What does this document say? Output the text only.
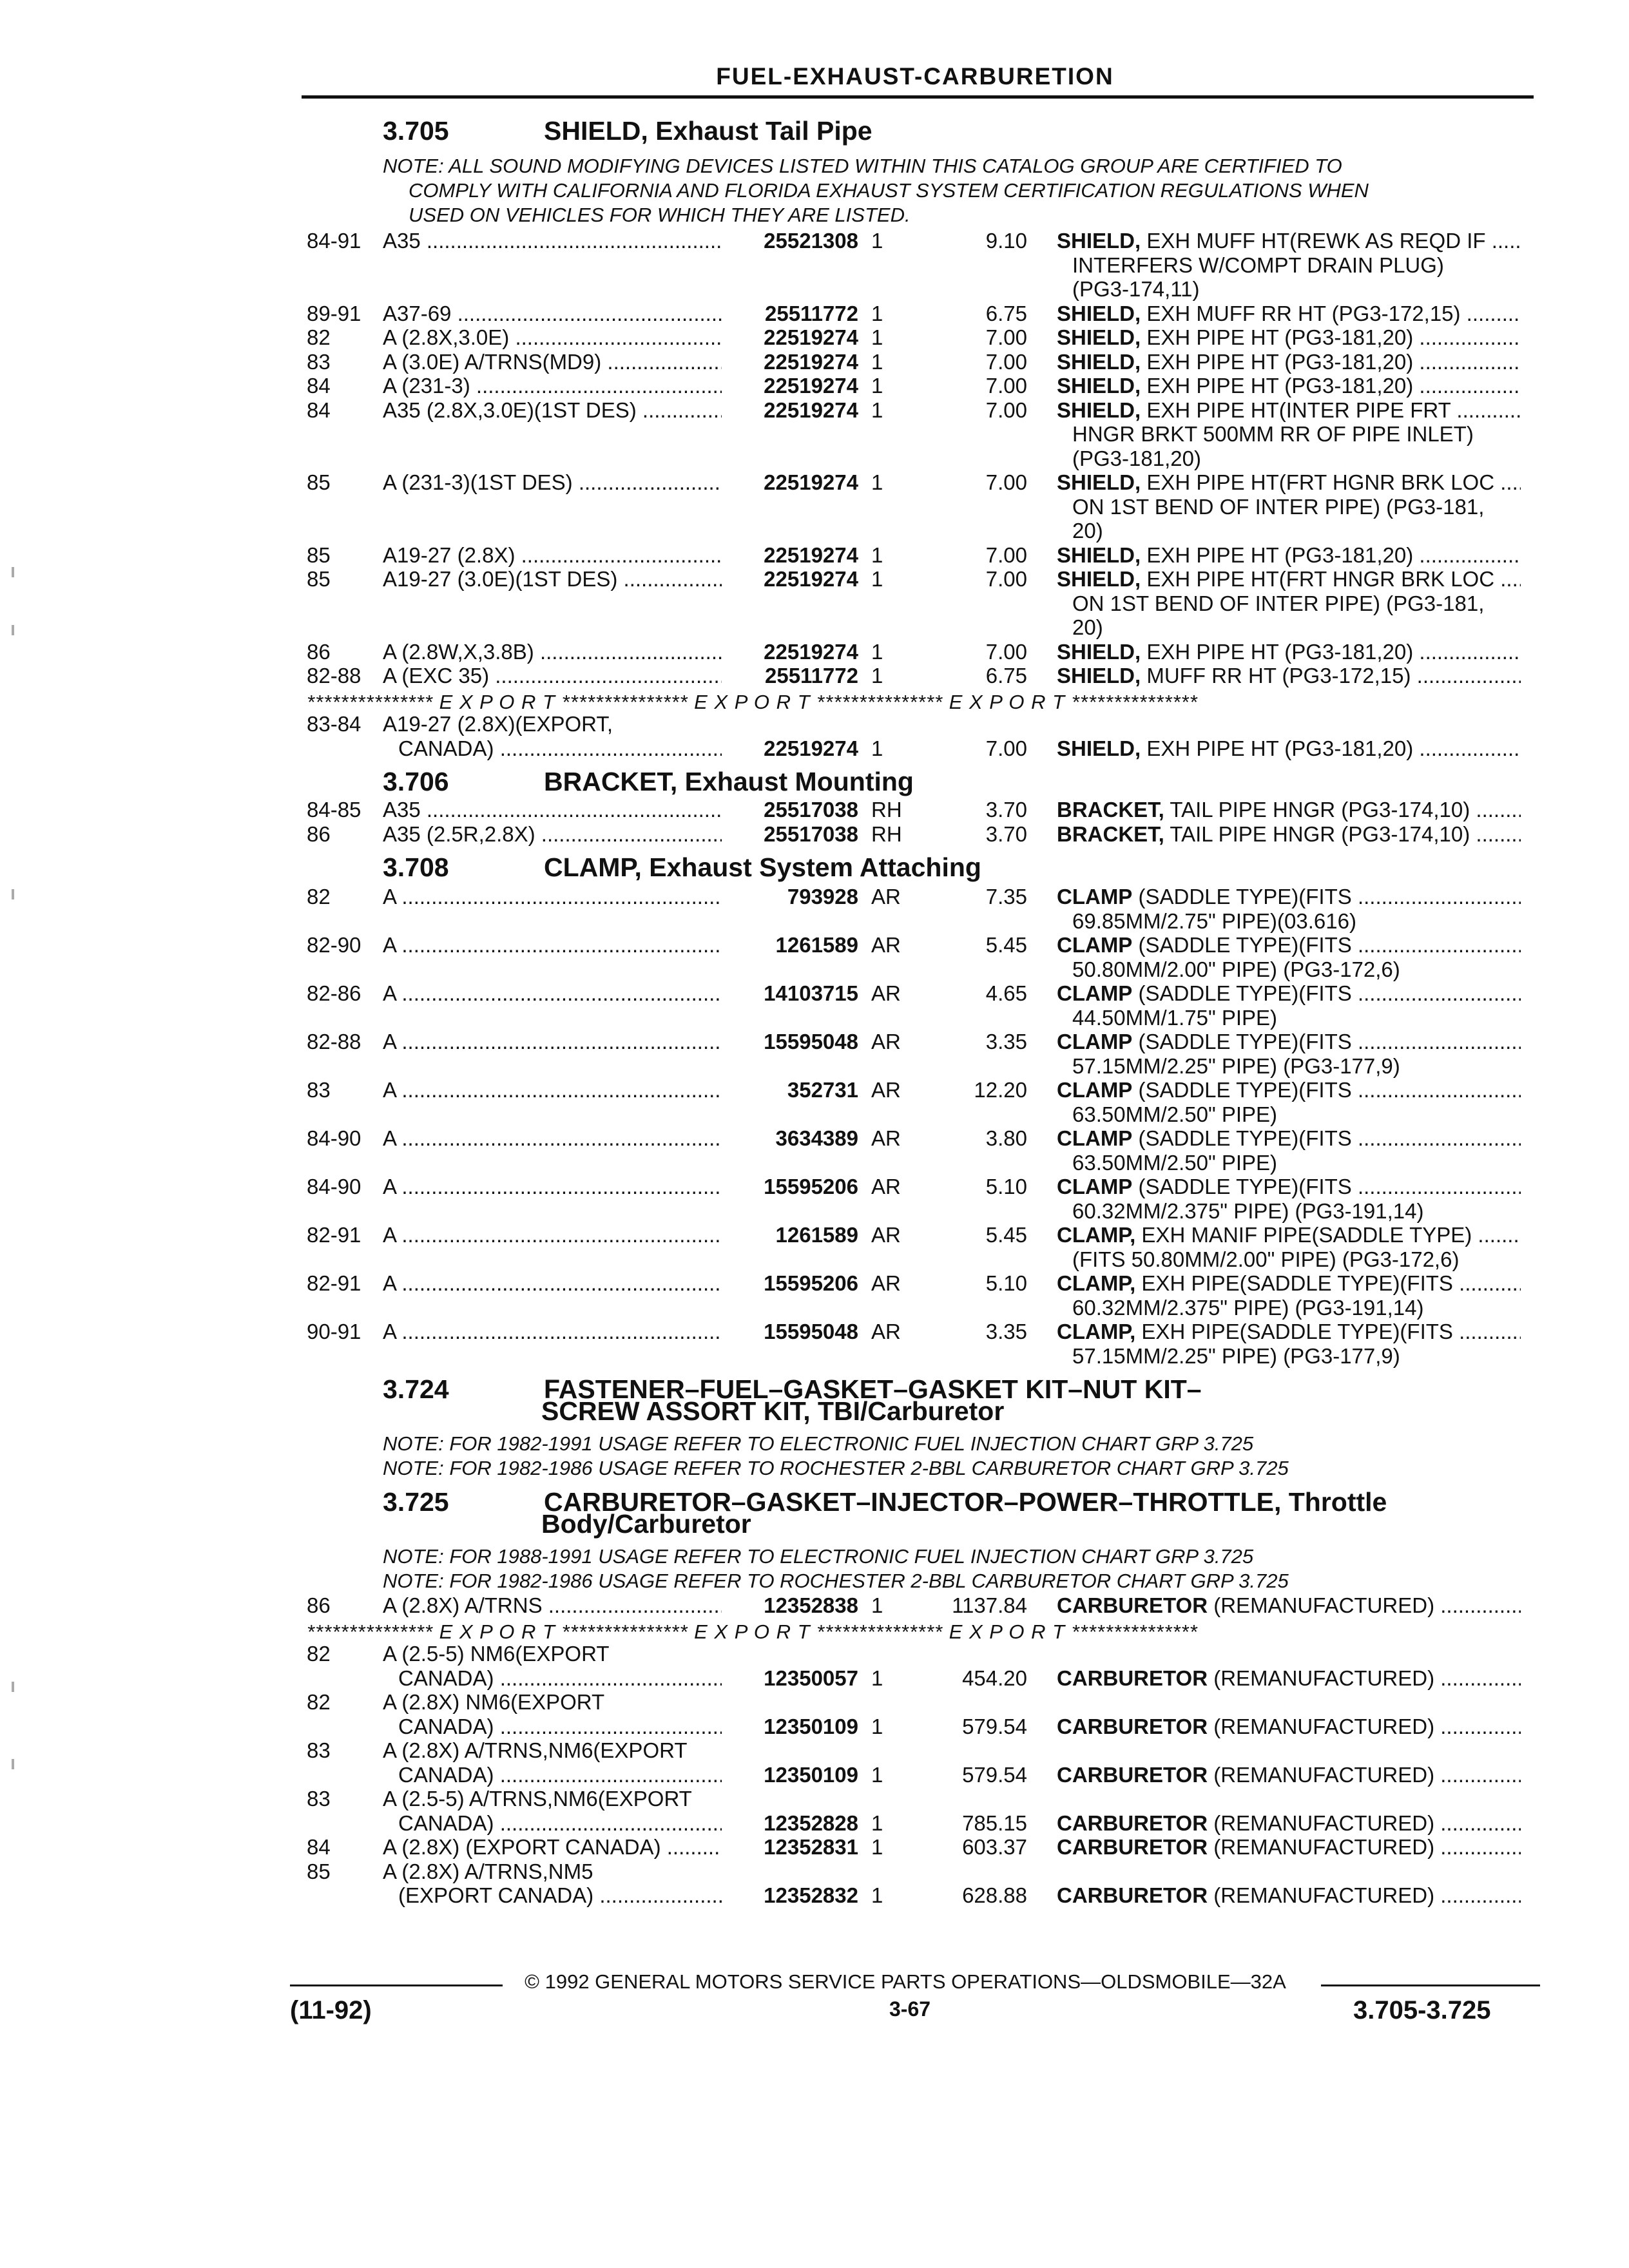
FUEL-EXHAUST-CARBURETION
3.705	SHIELD, Exhaust Tail Pipe
NOTE: ALL SOUND MODIFYING DEVICES LISTED WITHIN THIS CATALOG GROUP ARE CERTIFIED TO
COMPLY WITH CALIFORNIA AND FLORIDA EXHAUST SYSTEM CERTIFICATION REGULATIONS WHEN
USED ON VEHICLES FOR WHICH THEY ARE LISTED.
84-91 A35 .....	25521308 1	9.10 SHIELD, EXH MUFF HT(REWK AS REQD IF .....
INTERFERS W/COMPT DRAIN PLUG)
(PG3-174,11)
89-91 A37-69 .....	25511772 1	6.75 SHIELD, EXH MUFF RR HT (PG3-172,15) .....
82 A (2.8X,3.0E) .....	22519274 1	7.00 SHIELD, EXH PIPE HT (PG3-181,20) .....
83 A (3.0E) A/TRNS(MD9) .....	22519274 1	7.00 SHIELD, EXH PIPE HT (PG3-181,20) .....
84 A (231-3) .....	22519274 1	7.00 SHIELD, EXH PIPE HT (PG3-181,20) .....
84 A35 (2.8X,3.0E)(1ST DES) .....	22519274 1	7.00 SHIELD, EXH PIPE HT(INTER PIPE FRT .....
HNGR BRKT 500MM RR OF PIPE INLET)
(PG3-181,20)
85 A (231-3)(1ST DES) .....	22519274 1	7.00 SHIELD, EXH PIPE HT(FRT HGNR BRK LOC .....
ON 1ST BEND OF INTER PIPE) (PG3-181,
20)
85 A19-27 (2.8X) .....	22519274 1	7.00 SHIELD, EXH PIPE HT (PG3-181,20) .....
85 A19-27 (3.0E)(1ST DES) .....	22519274 1	7.00 SHIELD, EXH PIPE HT(FRT HNGR BRK LOC .....
ON 1ST BEND OF INTER PIPE) (PG3-181,
20)
86 A (2.8W,X,3.8B) .....	22519274 1	7.00 SHIELD, EXH PIPE HT (PG3-181,20) .....
82-88 A (EXC 35) .....	25511772 1	6.75 SHIELD, MUFF RR HT (PG3-172,15) .....
*************** E X P O R T *************** E X P O R T *************** E X P O R T ***************
83-84 A19-27 (2.8X)(EXPORT,
CANADA) .....	22519274 1	7.00 SHIELD, EXH PIPE HT (PG3-181,20) .....
3.706	BRACKET, Exhaust Mounting
84-85 A35 .....	25517038 RH	3.70 BRACKET, TAIL PIPE HNGR (PG3-174,10) .....
86 A35 (2.5R,2.8X) .....	25517038 RH	3.70 BRACKET, TAIL PIPE HNGR (PG3-174,10) .....
3.708	CLAMP, Exhaust System Attaching
82 A .....	793928 AR	7.35 CLAMP (SADDLE TYPE)(FITS .....
69.85MM/2.75" PIPE)(03.616)
82-90 A .....	1261589 AR	5.45 CLAMP (SADDLE TYPE)(FITS .....
50.80MM/2.00" PIPE) (PG3-172,6)
82-86 A .....	14103715 AR	4.65 CLAMP (SADDLE TYPE)(FITS .....
44.50MM/1.75" PIPE)
82-88 A .....	15595048 AR	3.35 CLAMP (SADDLE TYPE)(FITS .....
57.15MM/2.25" PIPE) (PG3-177,9)
83 A .....	352731 AR	12.20 CLAMP (SADDLE TYPE)(FITS .....
63.50MM/2.50" PIPE)
84-90 A .....	3634389 AR	3.80 CLAMP (SADDLE TYPE)(FITS .....
63.50MM/2.50" PIPE)
84-90 A .....	15595206 AR	5.10 CLAMP (SADDLE TYPE)(FITS .....
60.32MM/2.375" PIPE) (PG3-191,14)
82-91 A .....	1261589 AR	5.45 CLAMP, EXH MANIF PIPE(SADDLE TYPE) .....
(FITS 50.80MM/2.00" PIPE) (PG3-172,6)
82-91 A .....	15595206 AR	5.10 CLAMP, EXH PIPE(SADDLE TYPE)(FITS .....
60.32MM/2.375" PIPE) (PG3-191,14)
90-91 A .....	15595048 AR	3.35 CLAMP, EXH PIPE(SADDLE TYPE)(FITS .....
57.15MM/2.25" PIPE) (PG3-177,9)
3.724	FASTENER–FUEL–GASKET–GASKET KIT–NUT KIT–
SCREW ASSORT KIT, TBI/Carburetor
NOTE: FOR 1982-1991 USAGE REFER TO ELECTRONIC FUEL INJECTION CHART GRP 3.725
NOTE: FOR 1982-1986 USAGE REFER TO ROCHESTER 2-BBL CARBURETOR CHART GRP 3.725
3.725	CARBURETOR–GASKET–INJECTOR–POWER–THROTTLE, Throttle
Body/Carburetor
NOTE: FOR 1988-1991 USAGE REFER TO ELECTRONIC FUEL INJECTION CHART GRP 3.725
NOTE: FOR 1982-1986 USAGE REFER TO ROCHESTER 2-BBL CARBURETOR CHART GRP 3.725
86 A (2.8X) A/TRNS .....	12352838 1	1137.84 CARBURETOR (REMANUFACTURED) .....
*************** E X P O R T *************** E X P O R T *************** E X P O R T ***************
82 A (2.5-5) NM6(EXPORT
CANADA) .....	12350057 1	454.20 CARBURETOR (REMANUFACTURED) .....
82 A (2.8X) NM6(EXPORT
CANADA) .....	12350109 1	579.54 CARBURETOR (REMANUFACTURED) .....
83 A (2.8X) A/TRNS,NM6(EXPORT
CANADA) .....	12350109 1	579.54 CARBURETOR (REMANUFACTURED) .....
83 A (2.5-5) A/TRNS,NM6(EXPORT
CANADA) .....	12352828 1	785.15 CARBURETOR (REMANUFACTURED) .....
84 A (2.8X) (EXPORT CANADA) .....	12352831 1	603.37 CARBURETOR (REMANUFACTURED) .....
85 A (2.8X) A/TRNS,NM5
(EXPORT CANADA) .....	12352832 1	628.88 CARBURETOR (REMANUFACTURED) .....
© 1992 GENERAL MOTORS SERVICE PARTS OPERATIONS—OLDSMOBILE—32A
(11-92)	3-67	3.705-3.725
